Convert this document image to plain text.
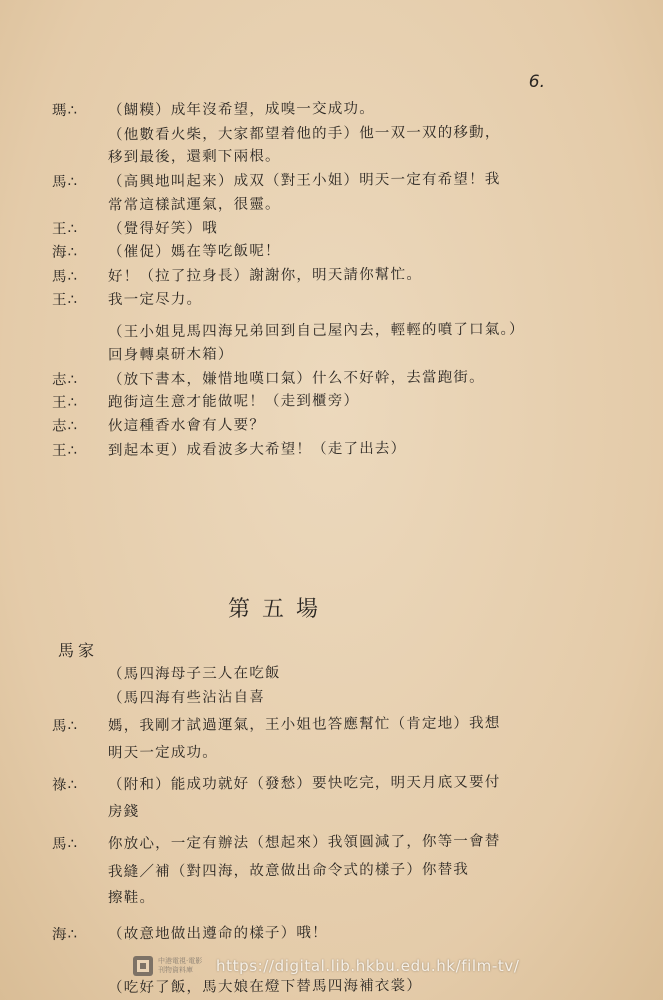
6.
瑪∴ （餬糢）成年沒希望，成嗅一交成功。
（他數看火柴，大家都望着他的手）他一双一双的移動，
移到最後，還剩下兩根。
馬∴ （高興地叫起来）成双（對王小姐）明天一定有希望！我
常常這樣試運氣，很靈。
王∴ （覺得好笑）哦
海∴ （催促）媽在等吃飯呢！
馬∴ 好！（拉了拉身長）謝謝你，明天請你幫忙。
王∴ 我一定尽力。
（王小姐見馬四海兄弟回到自己屋內去，輕輕的噴了口氣。）
回身轉桌研木箱）
志∴ （放下書本，嫌惜地嘆口氣）什么不好幹，去當跑街。
王∴ 跑街這生意才能做呢！（走到櫃旁）
志∴ 伙這種香水會有人要？
王∴ 到起本更）成看波多大希望！（走了出去）
第五場
馬家
（馬四海母子三人在吃飯
（馬四海有些沾沾自喜
馬∴ 媽，我剛才試過運氣，王小姐也答應幫忙（肯定地）我想
明天一定成功。
祿∴ （附和）能成功就好（發愁）要快吃完，明天月底又要付
房錢
馬∴ 你放心，一定有辦法（想起來）我領圓減了，你等一會替
我縫／補（對四海，故意做出命令式的樣子）你替我
擦鞋。
海∴ （故意地做出遵命的樣子）哦！
（吃好了飯，馬大娘在燈下替馬四海補衣裳）
中港電視·電影 刊物資料庫	https://digital.lib.hkbu.edu.hk/film-tv/
